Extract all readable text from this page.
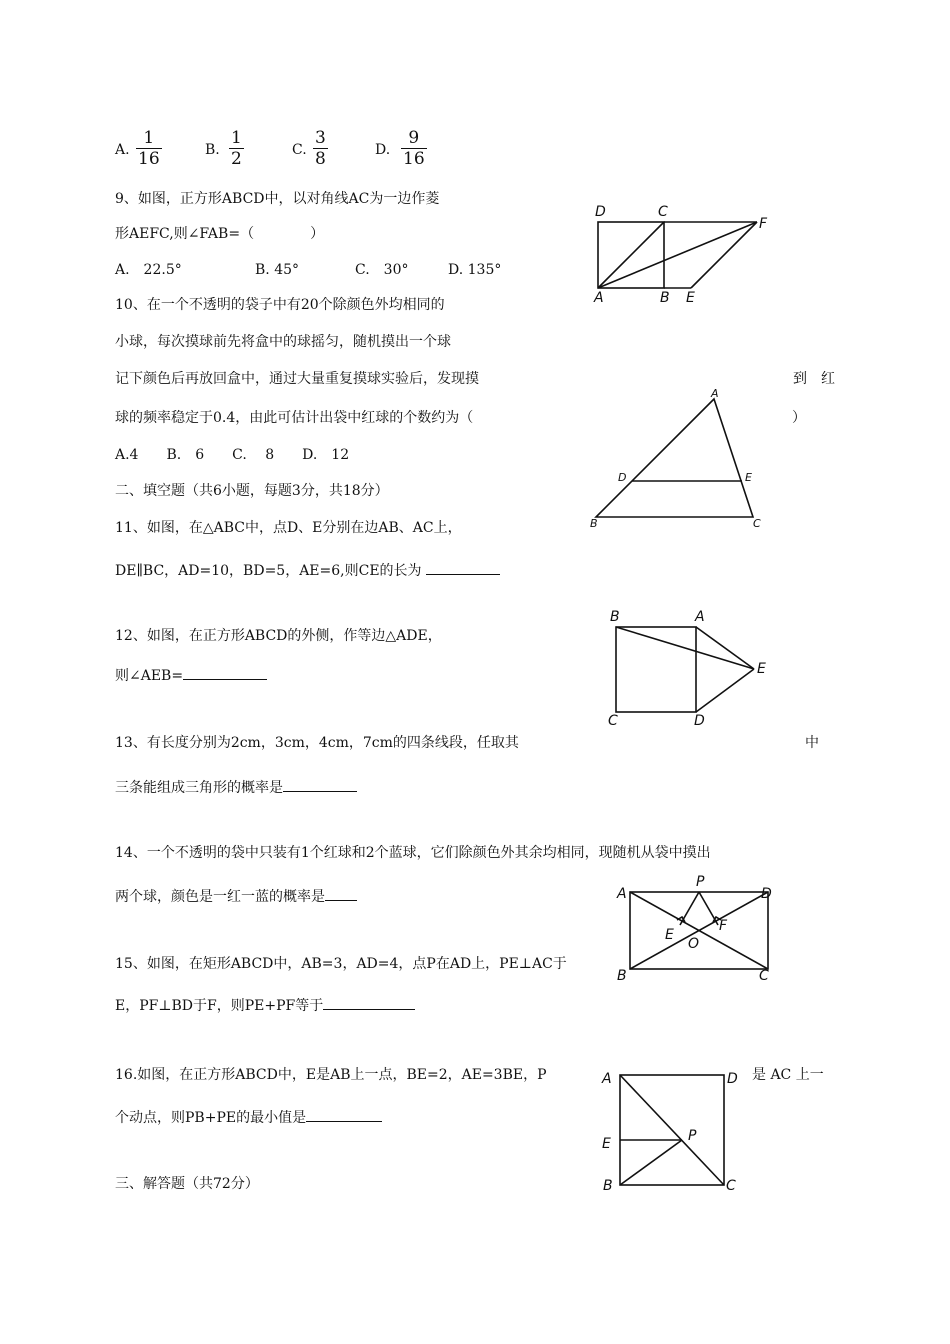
A. $\frac{1}{16}$	B. $\frac{1}{2}$	C. $\frac{3}{8}$	D. $\frac{9}{16}$
9、如图，正方形ABCD中，以对角线AC为一边作菱
形AEFC,则∠FAB=（　　　　）
A.　22.5°	B. 45°	C.　30°	D. 135°
10、在一个不透明的袋子中有20个除颜色外均相同的
小球，每次摸球前先将盒中的球摇匀，随机摸出一个球
记下颜色后再放回盒中，通过大量重复摸球实验后，发现摸	到　红
球的频率稳定于0.4，由此可估计出袋中红球的个数约为（	）
A.4　　B.　6　　C.　 8　　D.　12
二、填空题（共6小题，每题3分，共18分）
11、如图，在△ABC中，点D、E分别在边AB、AC上，
DE∥BC，AD=10，BD=5，AE=6,则CE的长为
12、如图，在正方形ABCD的外侧，作等边△ADE，
则∠AEB=
13、有长度分别为2cm，3cm，4cm，7cm的四条线段，任取其	中
三条能组成三角形的概率是
14、一个不透明的袋中只装有1个红球和2个蓝球，它们除颜色外其余均相同，现随机从袋中摸出
两个球，颜色是一红一蓝的概率是
15、如图，在矩形ABCD中，AB=3，AD=4，点P在AD上，PE⊥AC于
E，PF⊥BD于F，则PE+PF等于
16.如图，在正方形ABCD中，E是AB上一点，BE=2，AE=3BE，P	是 AC 上一
个动点，则PB+PE的最小值是
三、解答题（共72分）
D	C
F
A	B E
A
D	E
B	C
B	A
E
C	D
A
P
D
E
F
O
B	C
A	D
E	P
B	C
